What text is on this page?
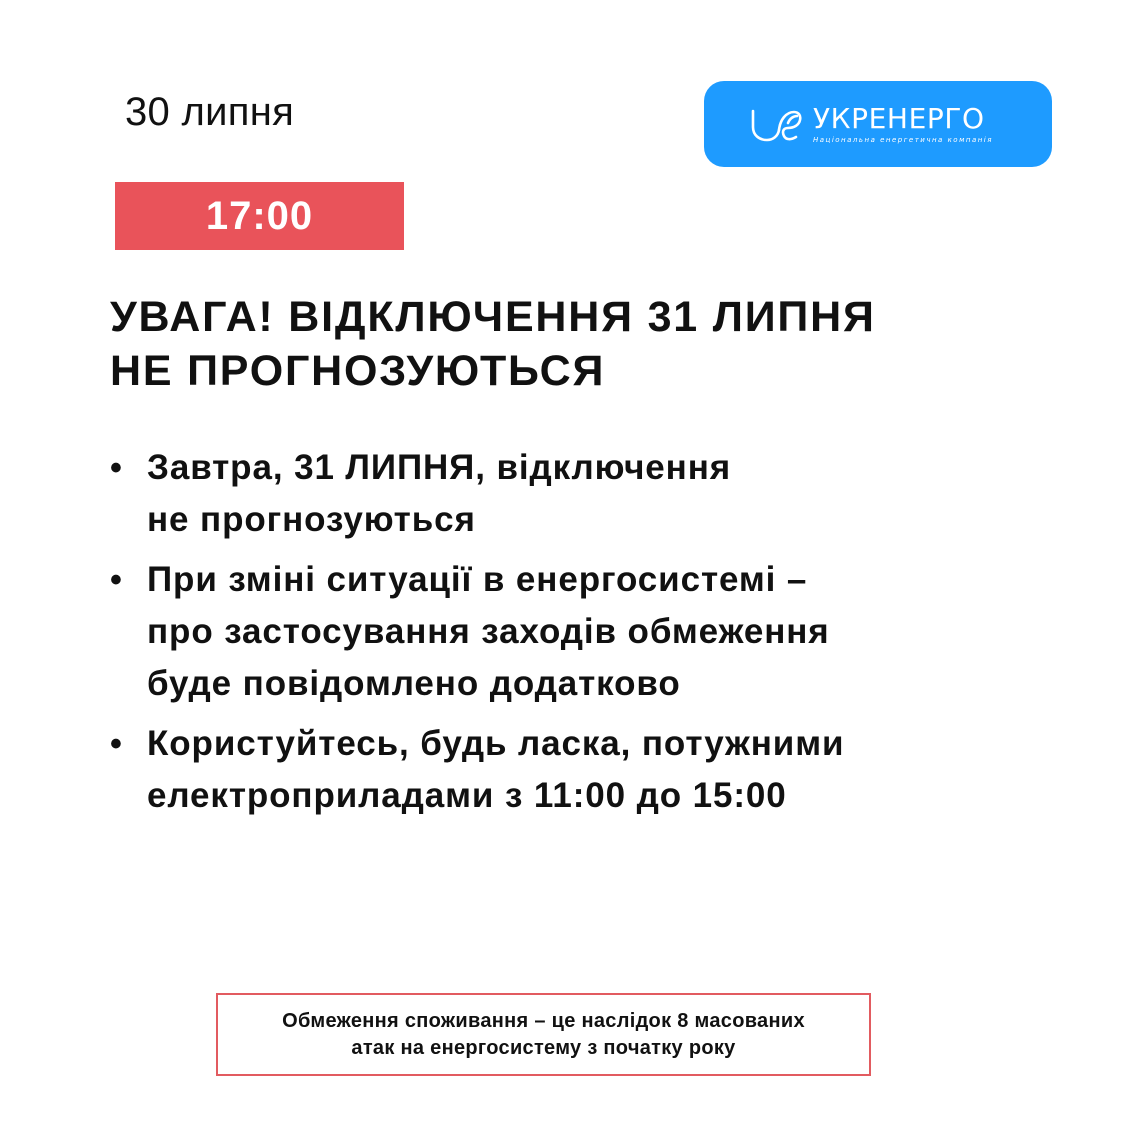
30 липня	УКРЕНЕРГО
Національна енергетична компанія
17:00
УВАГА! ВІДКЛЮЧЕННЯ 31 ЛИПНЯ
НЕ ПРОГНОЗУЮТЬСЯ
• Завтра, 31 ЛИПНЯ, відключення
не прогнозуються
• При зміні ситуації в енергосистемі –
про застосування заходів обмеження
буде повідомлено додатково
• Користуйтесь, будь ласка, потужними
електроприладами з 11:00 до 15:00
Обмеження споживання – це наслідок 8 масованих
атак на енергосистему з початку року
